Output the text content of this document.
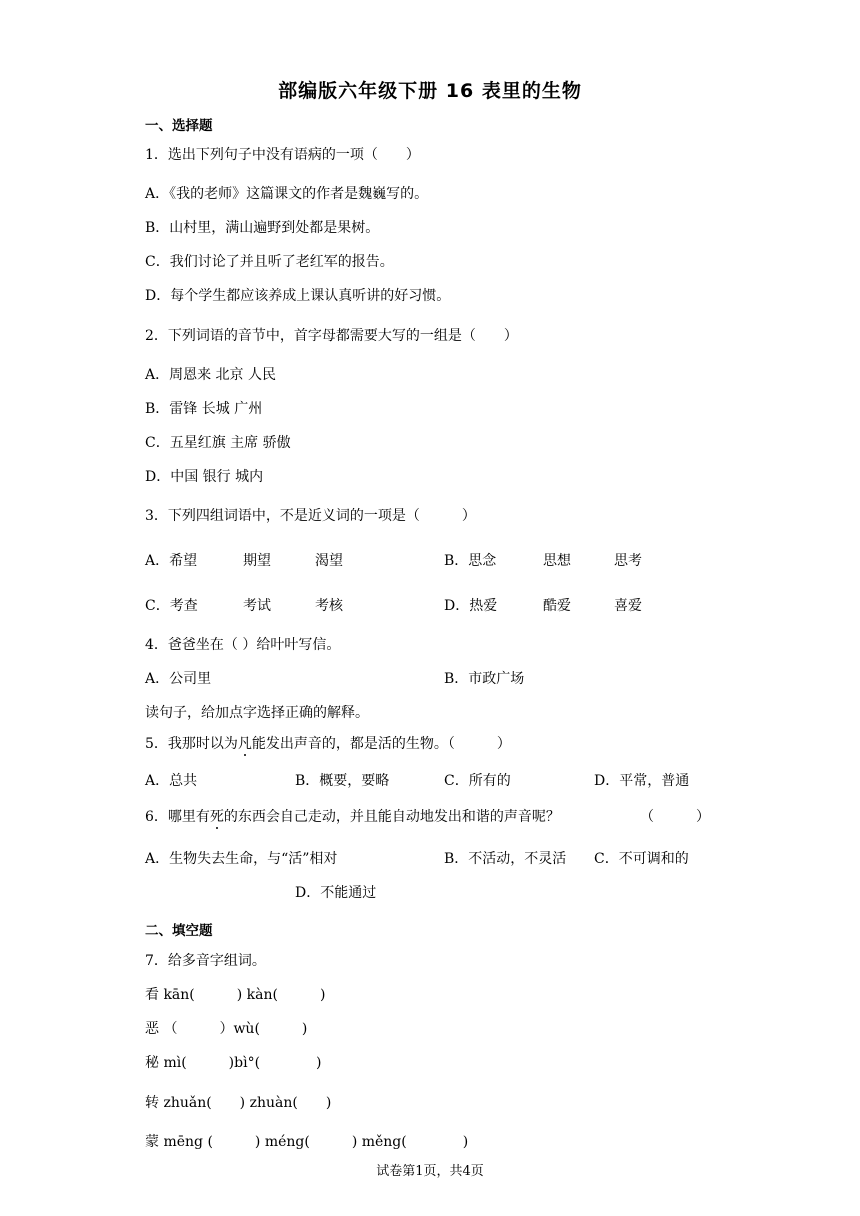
部编版六年级下册 16 表里的生物
一、选择题
1．选出下列句子中没有语病的一项（　　）
A．《我的老师》这篇课文的作者是魏巍写的。
B．山村里，满山遍野到处都是果树。
C．我们讨论了并且听了老红军的报告。
D．每个学生都应该养成上课认真听讲的好习惯。
2．下列词语的音节中，首字母都需要大写的一组是（　　）
A．周恩来 北京 人民
B．雷锋 长城 广州
C．五星红旗 主席 骄傲
D．中国 银行 城内
3．下列四组词语中，不是近义词的一项是（　　　）
A．希望	期望	渴望	B．思念	思想	思考
C．考查	考试	考核	D．热爱	酷爱	喜爱
4．爸爸坐在（ ）给叶叶写信。
A．公司里	B．市政广场
读句子，给加点字选择正确的解释。
5．我那时以为凡能发出声音的，都是活的生物。（　　　）
A．总共	B．概要，要略	C．所有的	D．平常，普通
6．哪里有死的东西会自己走动，并且能自动地发出和谐的声音呢？	（　　　）
A．生物失去生命，与“活”相对	B．不活动，不灵活 C．不可调和的
D．不能通过
二、填空题
7．给多音字组词。
看 kān(　　　) kàn(　　　)
恶 （　　　）wù(　　　)
秘 mì(　　　)bì°(　　　　)
转 zhuǎn(　　) zhuàn(　　)
蒙 mēng (　　　) méng(　　　) měng(　　　　)
试卷第1页，共4页
